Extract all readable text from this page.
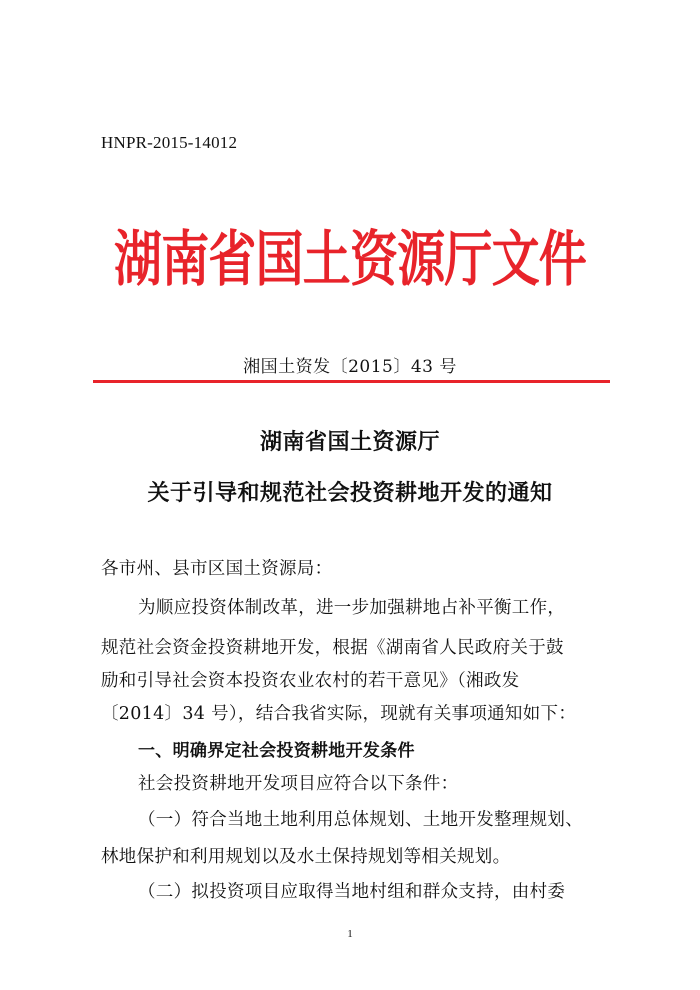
HNPR-2015-14012
湖南省国土资源厅文件
湘国土资发〔2015〕43 号
湖南省国土资源厅
关于引导和规范社会投资耕地开发的通知
各市州、县市区国土资源局：
为顺应投资体制改革，进一步加强耕地占补平衡工作，
规范社会资金投资耕地开发，根据《湖南省人民政府关于鼓
励和引导社会资本投资农业农村的若干意见》（湘政发
〔2014〕34 号），结合我省实际，现就有关事项通知如下：
一、明确界定社会投资耕地开发条件
社会投资耕地开发项目应符合以下条件：
（一）符合当地土地利用总体规划、土地开发整理规划、
林地保护和利用规划以及水土保持规划等相关规划。
（二）拟投资项目应取得当地村组和群众支持，由村委
1
